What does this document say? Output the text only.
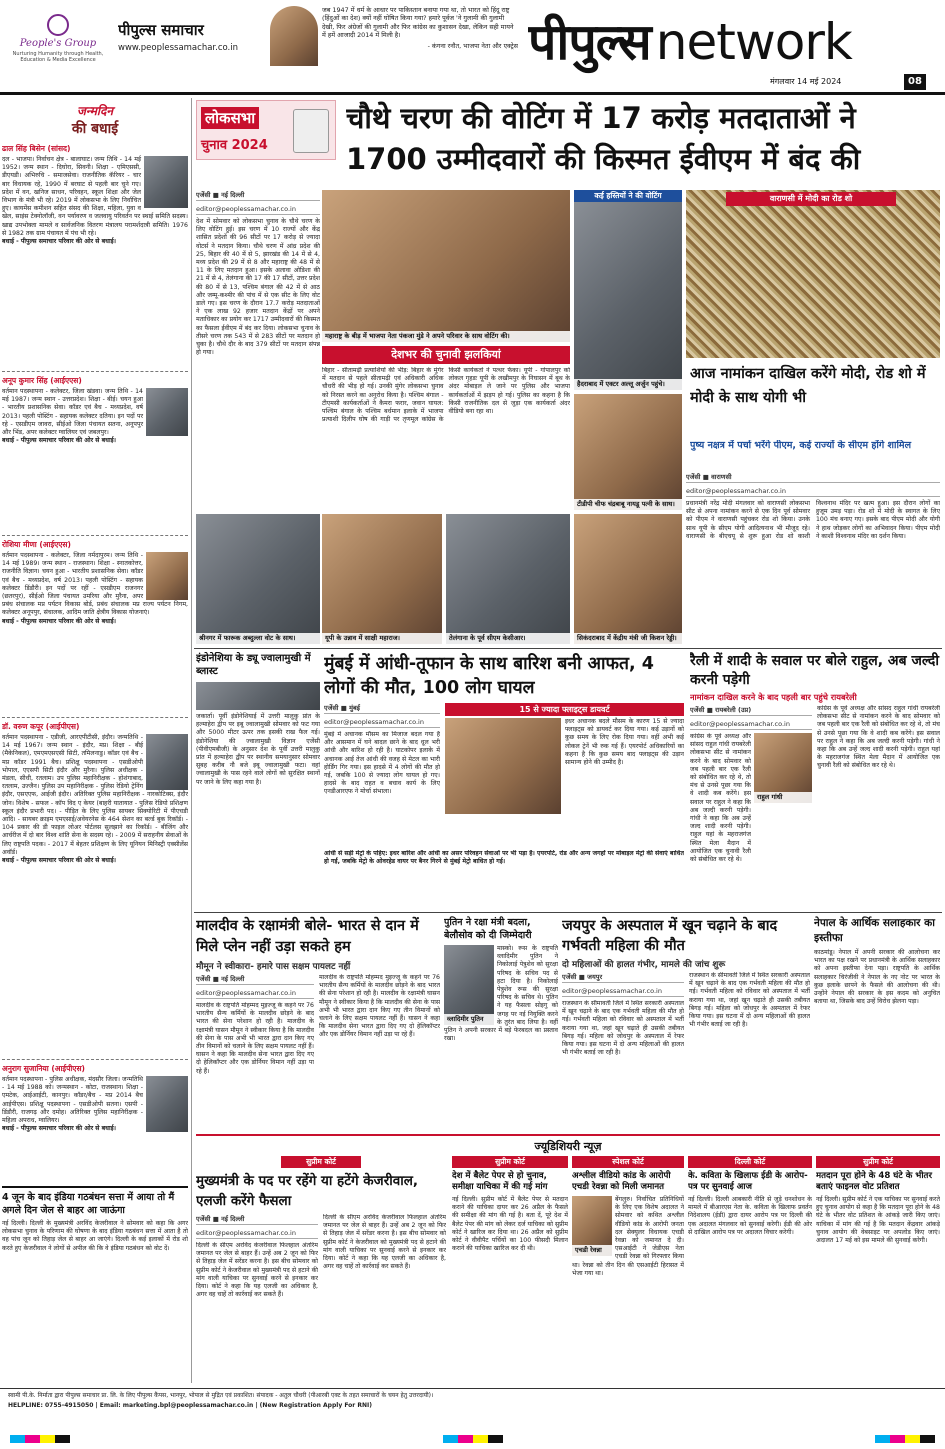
People's Group
Nurturing Humanity through Health, Education & Media Excellence
पीपुल्स समाचार
www.peoplessamachar.co.in
जब 1947 में धर्म के आधार पर पाकिस्तान बनाया गया था, तो भारत को हिंदू राष्ट्र (हिंदुओं का देश) क्यों नहीं घोषित किया गया? हमारे पूर्वज 'ने गुलामी की गुलामी देखी, फिर अंग्रेजों की गुलामी और फिर कांग्रेस का कुशासन देखा, लेकिन सही मायने में हमें आजादी 2014 में मिली है।
- कंगना रनौत, भाजपा नेता और एक्ट्रेस पीपुल्स network
मंगलवार 14 मई 2024	08
जन्मदिन
की बधाई
ढाल सिंह बिसेन (सांसद)
दल - भाजपा। निर्वाचन क्षेत्र - बालाघाट। जन्म तिथि - 14 मई 1952। जन्म स्थान - दिघोरा, सिवनी। शिक्षा - एमिएससी, डीएयडी। अभिरुचि - समाजसेवा। राजनीतिक कॅरियर - चार बार विधायक रहे, 1990 में बरघाट से पहली बार चुने गए। प्रदेश में वन, खनिज साधन, परिवहन, स्कूल शिक्षा और जेल विभाग के मंत्री भी रहे। 2019 में लोकसभा के लिए निर्वाचित हुए। कायमेंस कमीशन सहित संसद की शिक्षा, महिला, युवा व खेल, साइंस टेक्नोलॉजी, वन पर्यावरण व जलवायु परिवर्तन पर स्थाई समिति सदस्य। खाद्य उपभोक्ता मामले व सार्वजनिक वितरण मंत्रालय परामर्शदात्री समिति। 1976 से 1982 तक ग्राम पंचायत में पंच भी रहे।
बधाई - पीपुल्स समाचार परिवार की ओर से बधाई।
अनूप कुमार सिंह (आईएएस)
वर्तमान पदस्थापना - कलेक्टर, जिला खंडवा। जन्म तिथि - 14 मई 1987। जन्म स्थान - उत्तरप्रदेश। शिक्षा - बीई। चयन हुआ - भारतीय प्रशासनिक सेवा। कॉडर एवं बैच - मध्यप्रदेश, वर्ष 2013। पहली पोस्टिंग - सहायक कलेक्टर दतिया। इन पदों पर रहे - एसडीएम जावरा, सीईओ जिला पंचायत सतना, अनूपपुर और भिंड, अपर कलेक्टर ग्वालियर एवं जबलपुर।
बधाई - पीपुल्स समाचार परिवार की ओर से बधाई।
रोशिया मीणा (आईएएस)
वर्तमान पदस्थापना - कलेक्टर, जिला नर्मदापुरम। जन्म तिथि - 14 मई 1989। जन्म स्थान - राजस्थान। शिक्षा - स्नातकोत्तर, राजनीति विज्ञान। चयन हुआ - भारतीय प्रशासनिक सेवा। कॉडर एवं बैच - मध्यप्रदेश, वर्ष 2013। पहली पोस्टिंग - सहायक कलेक्टर डिंडौरी। इन पदों पर रहीं - एसडीएम राजनगर (छतरपुर), सीईओ जिला पंचायत उमरिया और मुरैना, अपर प्रबंध संचालक मप्र पर्यटन विकास बोर्ड, प्रबंध संचालक मप्र राज्य पर्यटन निगम, कलेक्टर अनूपपुर, संचालक, आदिम जाति क्षेत्रीय विकास योजनाएं।
बधाई - पीपुल्स समाचार परिवार की ओर से बधाई।
डॉ. वरुण कपूर (आईपीएस)
वर्तमान पदस्थापना - एडीजी, आरएपीटीसी, इंदौर। जन्मतिथि - 14 मई 1967। जन्म स्थान - इंदौर, मप्र। शिक्षा - बीई (मैकेनिकल), एमएमएसएसी सिटी, तमिलनाडु। कॉडर एवं बैच - मप्र कॉडर 1991 बैच। प्रशिक्षु पदस्थापना - एसडीओपी भोपाल, एएसपी सिटी इंदौर और मुरैना। पुलिस अधीक्षक - मंडला, सीधी, रतलाम। उप पुलिस महानिरीक्षक - होशंगाबाद, रतलाम, उज्जैन। पुलिस उप महानिरीक्षक - पुलिस रेडियो ट्रेनिंग इंदौर, एसएएफ, आईजी इंदौर। अतिरिक्त पुलिस महानिरीक्षक - नारकोटिक्स, इंदौर जोन। विशेष - सफल - कॉप विद ए केयर (बाहरी यातायात - पुलिस रेडियो प्रशिक्षण स्कूल इंदौर प्रभारी पद। - पीड़ित के लिए पुलिस सायबर सिक्योरिटी में पीएचडी आदि। - सायबर क्राइम एमएसाई/अवेयरनेस के 464 सेशन का बर्ल्ड बुक रिकॉर्ड। - 104 प्रकार की डी फाइल लोअर पोर्टलस सुलझाने का रिकॉर्ड। - बीजिंग और आर्चरीज में दो बार विश्व शांति सेना के सदस्य रहे। - 2009 में सराहनीय सेवाओं के लिए राष्ट्रपति पदक। - 2017 में बेहतर प्रशिक्षण के लिए यूनियन मिनिस्ट्री एक्सीलेंस अवॉर्ड।
बधाई - पीपुल्स समाचार परिवार की ओर से बधाई।
अनुराग सुजानिया (आईपीएस)
वर्तमान पदस्थापना - पुलिस अधीक्षक, मंदसौर जिला। जन्मतिथि - 14 मई 1988 को। जन्मस्थान - कोटा, राजस्थान। शिक्षा - एमटेक, आईआईटी, कानपुर। कॉडर/बैच - मप्र 2014 बैच आईपीएस। प्रशिक्षु पदस्थापना - एसडीओपी सतना। एसपी - डिंडौरी, राजगढ़ और दमोह। अतिरिक्त पुलिस महानिरीक्षक - महिला अपराध, ग्वालियर।
बधाई - पीपुल्स समाचार परिवार की ओर से बधाई।
लोकसभा
चुनाव 2024
चौथे चरण की वोटिंग में 17 करोड़ मतदाताओं ने 1700 उम्मीदवारों की किस्मत ईवीएम में बंद की
एजेंसी ■ नई दिल्ली
editor@peoplessamachar.co.in
देश में सोमवार को लोकसभा चुनाव के चौथे चरण के लिए वोटिंग हुई। इस चरण में 10 राज्यों और केंद्र शासित प्रदेशों की 96 सीटों पर 17 करोड़ से ज्यादा वोटर्स ने मतदान किया। चौथे चरण में आंध्र प्रदेश की 25, बिहार की 40 में से 5, झारखंड की 14 में से 4, मध्य प्रदेश की 29 में से 8 और महाराष्ट्र की 48 में से 11 के लिए मतदान हुआ। इसके अलावा ओडिशा की 21 में से 4, तेलंगाना की 17 की 17 सीटों, उत्तर प्रदेश की 80 में से 13, पश्चिम बंगाल की 42 में से आठ और जम्मू-कश्मीर की पांच में से एक सीट के लिए वोट डाले गए। इस चरण के दौरान 17.7 करोड़ मतदाताओं ने एक लाख 92 हजार मतदान केंद्रों पर अपने मताधिकार का प्रयोग कर 1717 उम्मीदवारों की किस्मत का फैसला ईवीएम में बंद कर दिया। लोकसभा चुनाव के तीसरे चरण तक 543 में से 283 सीटों पर मतदान हो चुका है। चौथे दौर के बाद 379 सीटों पर मतदान संपन्न हो गया।
महाराष्ट्र के बीड़ में भाजपा नेता पंकजा मुंडे ने अपने परिवार के साथ वोटिंग की।
कई हस्तियों ने की वोटिंग
हैदराबाद में एक्टर अल्लू अर्जुन पहुंचे।
देशभर की चुनावी झलकियां
बिहार - सीतामढ़ी प्रत्याशियों की भीड़: बिहार के मुंगेर में मतदान से पहले सीतामढ़ी एवं अधिकारी अधिक चौधरी की भीड़ हो गई। उनकी मुंगेर लोकसभा चुनाव को निरस्त करने का अनुरोध किया है। पश्चिम बंगाल - टीएमसी कार्यकर्ताओं ने कैमरा फरार, जवान घायल: पश्चिम बंगाल के पश्चिम बर्धमान इलाके में भाजपा प्रत्याशी दिलीप घोष की गाड़ी पर तृणमूल कांग्रेस के किसी कार्यकर्ता ने पत्थर फेंका। यूपी - गोपालपुर को लोकल गृहडः यूपी के लखीमपुर के निघासन में बूथ के अंदर मोबाइल ले जाने पर पुलिस और भाजपा कार्यकर्ताओं में झड़प हो गई। पुलिस का कहना है कि किसी राजनीतिक दल से जुड़ा एक कार्यकर्ता अंदर वीडियो बना रहा था।
टीडीपी चीफ चंद्रबाबू नायडू पत्नी के साथ।
श्रीनगर में फारूक अब्दुल्ला वोट के साथ।	यूपी के उन्नाव में साक्षी महाराज।	तेलंगाना के पूर्व सीएम केसीआर।	सिकंदराबाद में केंद्रीय मंत्री जी किशन रेड्डी।
वाराणसी में मोदी का रोड शो
आज नामांकन दाखिल करेंगे मोदी, रोड शो में मोदी के साथ योगी भी
पुष्य नक्षत्र में पर्चा भरेंगे पीएम, कई राज्यों के सीएम होंगे शामिल
एजेंसी ■ वाराणसी
editor@peoplessamachar.co.in
प्रधानमंत्री नरेंद्र मोदी मंगलवार को वाराणसी लोकसभा सीट से अपना नामांकन करने से एक दिन पूर्व सोमवार को पीएम ने वाराणसी पहुंचकर रोड शो किया। उनके साथ यूपी के सीएम योगी आदित्यनाथ भी मौजूद रहे। वाराणसी के बीएचयू से शुरू हुआ रोड शो काशी विश्वनाथ मंदिर पर खत्म हुआ। इस दौरान लोगों का हुजूम उमड़ पड़ा। रोड शो में मोदी के स्वागत के लिए 100 मंच बनाए गए। इसके बाद पीएम मोदी और योगी ने हाथ जोड़कर लोगों का अभिवादन किया। पीएम मोदी ने काशी विश्वनाथ मंदिर का दर्शन किया।
इंडोनेशिया के ड्यू ज्वालामुखी में ब्लास्ट
जकार्ता। पूर्वी इंडोनेशियाई में उत्तरी मालुकु प्रांत के हल्माहेरा द्वीप पर इबू ज्वालामुखी सोमवार को फट गया और 5000 मीटर ऊपर तक इसकी राख फैल गई। इंडोनेशिया की ज्वालामुखी विज्ञान एजेंसी (पीवीएमबीजी) के अनुसार देश के पूर्वी उत्तरी मालुकु प्रांत में हल्माहेरा द्वीप पर स्थानीय समयानुसार सोमवार सुबह करीब नौ बजे इबू ज्वालामुखी फटा। वहां ज्वालामुखी के पास रहने वाले लोगों को सुरक्षित स्थानों पर जाने के लिए कहा गया है।
मुंबई में आंधी-तूफान के साथ बारिश बनी आफत, 4 लोगों की मौत, 100 लोग घायल
एजेंसी ■ मुंबई
editor@peoplessamachar.co.in
मुंबई में अचानक मौसम का मिजाज बदल गया है और आसमान में घने बादल छाने के बाद धूल भरी आंधी और बारिश हो रही है। घाटकोपर इलाके में अचानक आई तेज आंधी की वजह से मेटल का भारी होर्डिंग गिर गया। इस हादसे में 4 लोगों की मौत हो गई, जबकि 100 से ज्यादा लोग घायल हो गए। हादसे के बाद राहत व बचाव कार्य के लिए एनडीआरएफ ने मोर्चा संभाला।
15 से ज्यादा फ्लाइट्स डायवर्ट
इधर अचानक बदले मौसम के कारण 15 से ज्यादा फ्लाइट्स को डायवर्ट कर दिया गया। कई उड़ानों को कुछ समय के लिए रोक दिया गया। वहीं अभी कई लोकल ट्रेनें भी रुक गई हैं। एयरपोर्ट अधिकारियों का कहना है कि कुछ समय बाद फ्लाइट्स की उड़ान सामान्य होने की उम्मीद है।
आंधी से सड़ी मेट्रो के पहिए: इधर बारिश और आंधी का असर परिवहन सेवाओं पर भी पड़ा है। एयरपोर्ट, रोड और अन्य जगहों पर मोबाइल मेट्रो की सेवाएं बाधित हो गईं, जबकि मेट्रो के ओवरहेड वायर पर बैनर गिरने से मुंबई मेट्रो बाधित हो गई।
रैली में शादी के सवाल पर बोले राहुल, अब जल्दी करनी पड़ेगी
नामांकन दाखिल करने के बाद पहली बार पहुंचे रायबरेली
एजेंसी ■ रायबरेली (उप्र)
editor@peoplessamachar.co.in
राहुल गांधी
कांग्रेस के पूर्व अध्यक्ष और सांसद राहुल गांधी रायबरेली लोकसभा सीट से नामांकन करने के बाद सोमवार को जब पहली बार एक रैली को संबोधित कर रहे थे, तो मंच से उनसे पूछा गया कि वे शादी कब करेंगे। इस सवाल पर राहुल ने कहा कि अब जल्दी करनी पड़ेगी। गांधी ने कहा कि अब उन्हें जल्द शादी करनी पड़ेगी। राहुल यहां के महराजगंज स्थित मेला मैदान में आयोजित एक चुनावी रैली को संबोधित कर रहे थे।
कांग्रेस के पूर्व अध्यक्ष और सांसद राहुल गांधी रायबरेली लोकसभा सीट से नामांकन करने के बाद सोमवार को जब पहली बार एक रैली को संबोधित कर रहे थे, तो मंच से उनसे पूछा गया कि वे शादी कब करेंगे। इस सवाल पर राहुल ने कहा कि अब जल्दी करनी पड़ेगी। गांधी ने कहा कि अब उन्हें जल्द शादी करनी पड़ेगी। राहुल यहां के महराजगंज स्थित मेला मैदान में आयोजित एक चुनावी रैली को संबोधित कर रहे थे।
मालदीव के रक्षामंत्री बोले- भारत से दान में मिले प्लेन नहीं उड़ा सकते हम
मौमून ने स्वीकारा- हमारे पास सक्षम पायलट नहीं
एजेंसी ■ नई दिल्ली
editor@peoplessamachar.co.in
मालदीव के राष्ट्रपति मोहम्मद मुइज्जू के कहने पर 76 भारतीय सैन्य कर्मियों के मालदीव छोड़ने के बाद भारत की सेना परेशान हो रही है। मालदीव के रक्षामंत्री घासन मौमून ने स्वीकार किया है कि मालदीव की सेना के पास अभी भी भारत द्वारा दान किए गए तीन विमानों को चलाने के लिए सक्षम पायलट नहीं हैं। घासन ने कहा कि मालदीव सेना भारत द्वारा दिए गए दो हेलिकॉप्टर और एक डोर्नियर विमान नहीं उड़ा पा रहे हैं।
मालदीव के राष्ट्रपति मोहम्मद मुइज्जू के कहने पर 76 भारतीय सैन्य कर्मियों के मालदीव छोड़ने के बाद भारत की सेना परेशान हो रही है। मालदीव के रक्षामंत्री घासन मौमून ने स्वीकार किया है कि मालदीव की सेना के पास अभी भी भारत द्वारा दान किए गए तीन विमानों को चलाने के लिए सक्षम पायलट नहीं हैं। घासन ने कहा कि मालदीव सेना भारत द्वारा दिए गए दो हेलिकॉप्टर और एक डोर्नियर विमान नहीं उड़ा पा रहे हैं।
पुतिन ने रक्षा मंत्री बदला, बेलौसोव को दी जिम्मेदारी
व्लादिमीर पुतिन
मास्को। रूस के राष्ट्रपति व्लादिमीर पुतिन ने निकोलाई पेत्रुशेव को सुरक्षा परिषद के सचिव पद से हटा दिया है। निकोलाई पेत्रुशेव रूस की सुरक्षा परिषद के सचिव थे। पुतिन ने यह फैसला सोइगु को जगह पर नई नियुक्ति करने के तुरंत बाद लिया है। वहीं पुतिन ने अपनी सरकार में बड़े फेरबदल का प्रस्ताव रखा।
जयपुर के अस्पताल में खून चढ़ाने के बाद गर्भवती महिला की मौत
दो महिलाओं की हालत गंभीर, मामले की जांच शुरू
एजेंसी ■ जयपुर
editor@peoplessamachar.co.in
राजस्थान के सीमावर्ती जिले में स्थित सरकारी अस्पताल में खून चढ़ाने के बाद एक गर्भवती महिला की मौत हो गई। गर्भवती महिला को रविवार को अस्पताल में भर्ती कराया गया था, जहां खून चढ़ाते ही उसकी तबीयत बिगड़ गई। महिला को जोधपुर के अस्पताल में रेफर किया गया। इस घटना में दो अन्य महिलाओं की हालत भी गंभीर बताई जा रही है।
राजस्थान के सीमावर्ती जिले में स्थित सरकारी अस्पताल में खून चढ़ाने के बाद एक गर्भवती महिला की मौत हो गई। गर्भवती महिला को रविवार को अस्पताल में भर्ती कराया गया था, जहां खून चढ़ाते ही उसकी तबीयत बिगड़ गई। महिला को जोधपुर के अस्पताल में रेफर किया गया। इस घटना में दो अन्य महिलाओं की हालत भी गंभीर बताई जा रही है।
नेपाल के आर्थिक सलाहकार का इस्तीफा
काठमांडू। नेपाल में अपनी सरकार की आलोचना कर भारत का पक्ष रखने पर प्रधानमंत्री के आर्थिक सलाहकार को अपना इस्तीफा देना पड़ा। राष्ट्रपति के आर्थिक सलाहकार चिरंजीवी ने नेपाल के नए नोट पर भारत के कुछ इलाके छापने के फैसले की आलोचना की थी। उन्होंने नेपाल की सरकार के इस कदम को अनुचित बताया था, जिसके बाद उन्हें विरोध झेलना पड़ा।
ज्यूडिशियरी न्यूज़
सुप्रीम कोर्ट
मुख्यमंत्री के पद पर रहेंगे या हटेंगे केजरीवाल, एलजी करेंगे फैसला
एजेंसी ■ नई दिल्ली
editor@peoplessamachar.co.in
दिल्ली के सीएम अरविंद केजरीवाल फिलहाल अंतरिम जमानत पर जेल से बाहर हैं। उन्हें अब 2 जून को फिर से तिहाड़ जेल में सरेंडर करना है। इस बीच सोमवार को सुप्रीम कोर्ट ने केजरीवाल को मुख्यमंत्री पद से हटाने की मांग वाली याचिका पर सुनवाई करने से इनकार कर दिया। कोर्ट ने कहा कि यह एलजी का अधिकार है, अगर वह चाहें तो कार्रवाई कर सकते हैं।
दिल्ली के सीएम अरविंद केजरीवाल फिलहाल अंतरिम जमानत पर जेल से बाहर हैं। उन्हें अब 2 जून को फिर से तिहाड़ जेल में सरेंडर करना है। इस बीच सोमवार को सुप्रीम कोर्ट ने केजरीवाल को मुख्यमंत्री पद से हटाने की मांग वाली याचिका पर सुनवाई करने से इनकार कर दिया। कोर्ट ने कहा कि यह एलजी का अधिकार है, अगर वह चाहें तो कार्रवाई कर सकते हैं।
सुप्रीम कोर्ट
देश में बैलेट पेपर से हो चुनाव, समीक्षा याचिका में की गई मांग
नई दिल्ली। सुप्रीम कोर्ट में बैलेट पेपर से मतदान कराने की याचिका दायर कर 26 अप्रैल के फैसले की समीक्षा की मांग की गई है। बता दें, पूरे देश में बैलेट पेपर की मांग को लेकर दर्ज याचिका को सुप्रीम कोर्ट ने खारिज कर दिया था। 26 अप्रैल को सुप्रीम कोर्ट ने वीवीपैट पर्चियों का 100 फीसदी मिलान कराने की याचिका खारिज कर दी थी।
स्पेशल कोर्ट
अश्लील वीडियो कांड के आरोपी एचडी रेवन्ना को मिली जमानत
एचडी रेवन्ना
बेंगलुरु। निर्वाचित प्रतिनिधियों के लिए एक विशेष अदालत ने सोमवार को कथित अश्लील वीडियो कांड के आरोपी जनता दल सेक्युलर विधायक एचडी रेवन्ना को जमानत दे दी। एसआईटी ने जेडीएस नेता एचडी रेवन्ना को गिरफ्तार किया था। रेवन्ना को तीन दिन की एसआईटी हिरासत में भेजा गया था।
दिल्ली कोर्ट
के. कविता के खिलाफ ईडी के आरोप-पत्र पर सुनवाई आज
नई दिल्ली। दिल्ली आबकारी नीति से जुड़े धनशोधन के मामले में बीआरएस नेता के. कविता के खिलाफ प्रवर्तन निदेशालय (ईडी) द्वारा दायर आरोप पत्र पर दिल्ली की एक अदालत मंगलवार को सुनवाई करेगी। ईडी की ओर से दाखिल आरोप पत्र पर अदालत विचार करेगी।
सुप्रीम कोर्ट
मतदान पूरा होने के 48 घंटे के भीतर बताएं फाइनल वोट प्रतिशत
नई दिल्ली। सुप्रीम कोर्ट ने एक याचिका पर सुनवाई करते हुए चुनाव आयोग से कहा है कि मतदान पूरा होने के 48 घंटे के भीतर वोट प्रतिशत के आंकड़े जारी किए जाएं। याचिका में मांग की गई है कि मतदान केंद्रवार आंकड़े चुनाव आयोग की वेबसाइट पर अपलोड किए जाएं। अदालत 17 मई को इस मामले की सुनवाई करेगी।
4 जून के बाद इंडिया गठबंधन सत्ता में आया तो मैं अगले दिन जेल से बाहर आ जाऊंगा
नई दिल्ली। दिल्ली के मुख्यमंत्री अरविंद केजरीवाल ने सोमवार को कहा कि अगर लोकसभा चुनाव के परिणाम की घोषणा के बाद इंडिया गठबंधन सत्ता में आता है तो वह पांच जून को तिहाड़ जेल से बाहर आ जाएंगे। दिल्ली के कई इलाकों में रोड शो करते हुए केजरीवाल ने लोगों से अपील की कि वे इंडिया गठबंधन को वोट दें।
स्वामी पी.के. निर्माता द्वारा पीपुल्स समाचार प्रा. लि. के लिए पीपुल्स कैंपस, भानपुर, भोपाल से मुद्रित एवं प्रकाशित। संपादक - अतुल चौधरी (पीआरबी एक्ट के तहत समाचारों के चयन हेतु उत्तरदायी)।
HELPLINE: 0755-4915050 | Email: marketing.bpl@peoplessamachar.co.in | (New Registration Apply For RNI)
